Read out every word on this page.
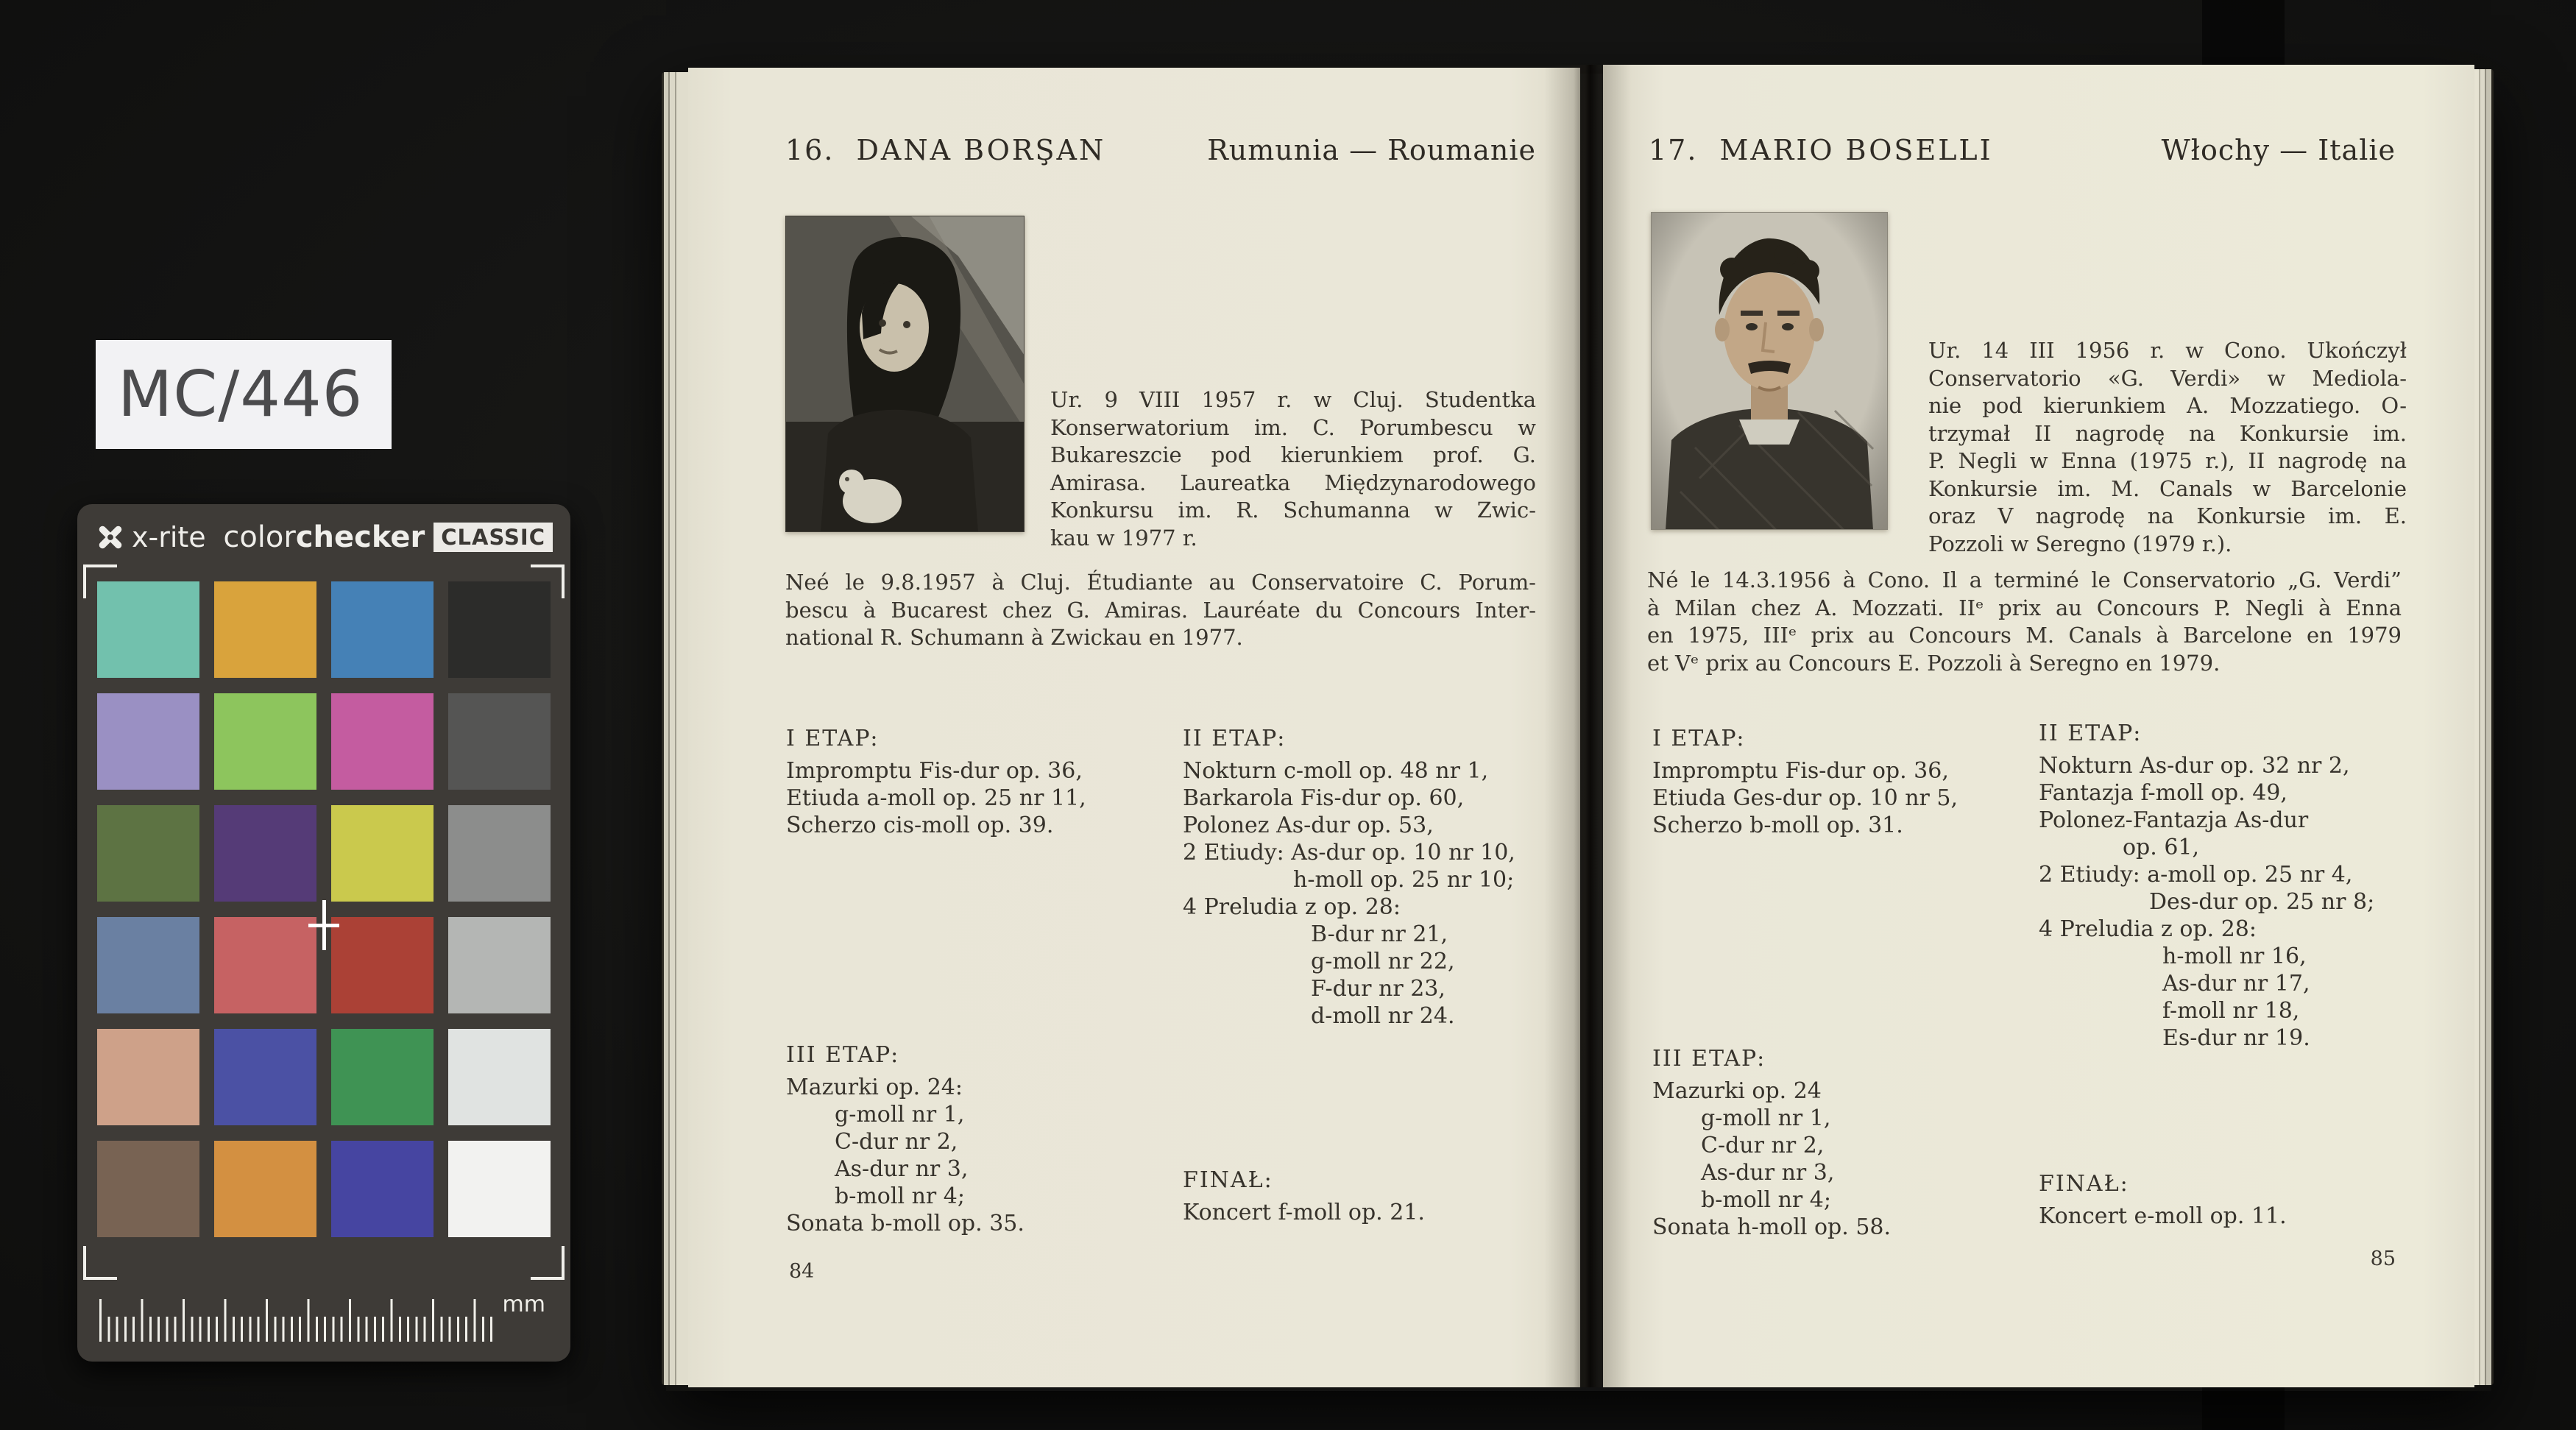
16. DANA BORŞAN	Rumunia — Roumanie
Ur. 9 VIII 1957 r. w Cluj. Studentka
Konserwatorium im. C. Porumbescu w
Bukareszcie pod kierunkiem prof. G.
Amirasa. Laureatka Międzynarodowego
Konkursu im. R. Schumanna w Zwic-
kau w 1977 r.
Neé le 9.8.1957 à Cluj. Étudiante au Conservatoire C. Porum-
bescu à Bucarest chez G. Amiras. Lauréate du Concours Inter-
national R. Schumann à Zwickau en 1977.
I ETAP:
Impromptu Fis-dur op. 36,
Etiuda a-moll op. 25 nr 11,
Scherzo cis-moll op. 39.
II ETAP:
Nokturn c-moll op. 48 nr 1,
Barkarola Fis-dur op. 60,
Polonez As-dur op. 53,
2 Etiudy: As-dur op. 10 nr 10,
h-moll op. 25 nr 10;
4 Preludia z op. 28:
B-dur nr 21,
g-moll nr 22,
F-dur nr 23,
d-moll nr 24.
III ETAP:
Mazurki op. 24:
g-moll nr 1,
C-dur nr 2,
As-dur nr 3,
b-moll nr 4;
Sonata b-moll op. 35.
FINAŁ:
Koncert f-moll op. 21.
84
17. MARIO BOSELLI	Włochy — Italie
Ur. 14 III 1956 r. w Cono. Ukończył
Conservatorio «G. Verdi» w Mediola-
nie pod kierunkiem A. Mozzatiego. O-
trzymał II nagrodę na Konkursie im.
P. Negli w Enna (1975 r.), II nagrodę na
Konkursie im. M. Canals w Barcelonie
oraz V nagrodę na Konkursie im. E.
Pozzoli w Seregno (1979 r.).
Né le 14.3.1956 à Cono. Il a terminé le Conservatorio „G. Verdi”
à Milan chez A. Mozzati. IIᵉ prix au Concours P. Negli à Enna
en 1975, IIIᵉ prix au Concours M. Canals à Barcelone en 1979
et Vᵉ prix au Concours E. Pozzoli à Seregno en 1979.
I ETAP:
Impromptu Fis-dur op. 36,
Etiuda Ges-dur op. 10 nr 5,
Scherzo b-moll op. 31.
II ETAP:
Nokturn As-dur op. 32 nr 2,
Fantazja f-moll op. 49,
Polonez-Fantazja As-dur
op. 61,
2 Etiudy: a-moll op. 25 nr 4,
Des-dur op. 25 nr 8;
4 Preludia z op. 28:
h-moll nr 16,
As-dur nr 17,
f-moll nr 18,
Es-dur nr 19.
III ETAP:
Mazurki op. 24
g-moll nr 1,
C-dur nr 2,
As-dur nr 3,
b-moll nr 4;
Sonata h-moll op. 58.
FINAŁ:
Koncert e-moll op. 11.
85
MC/446
x-rite colorchecker CLASSIC
mm
